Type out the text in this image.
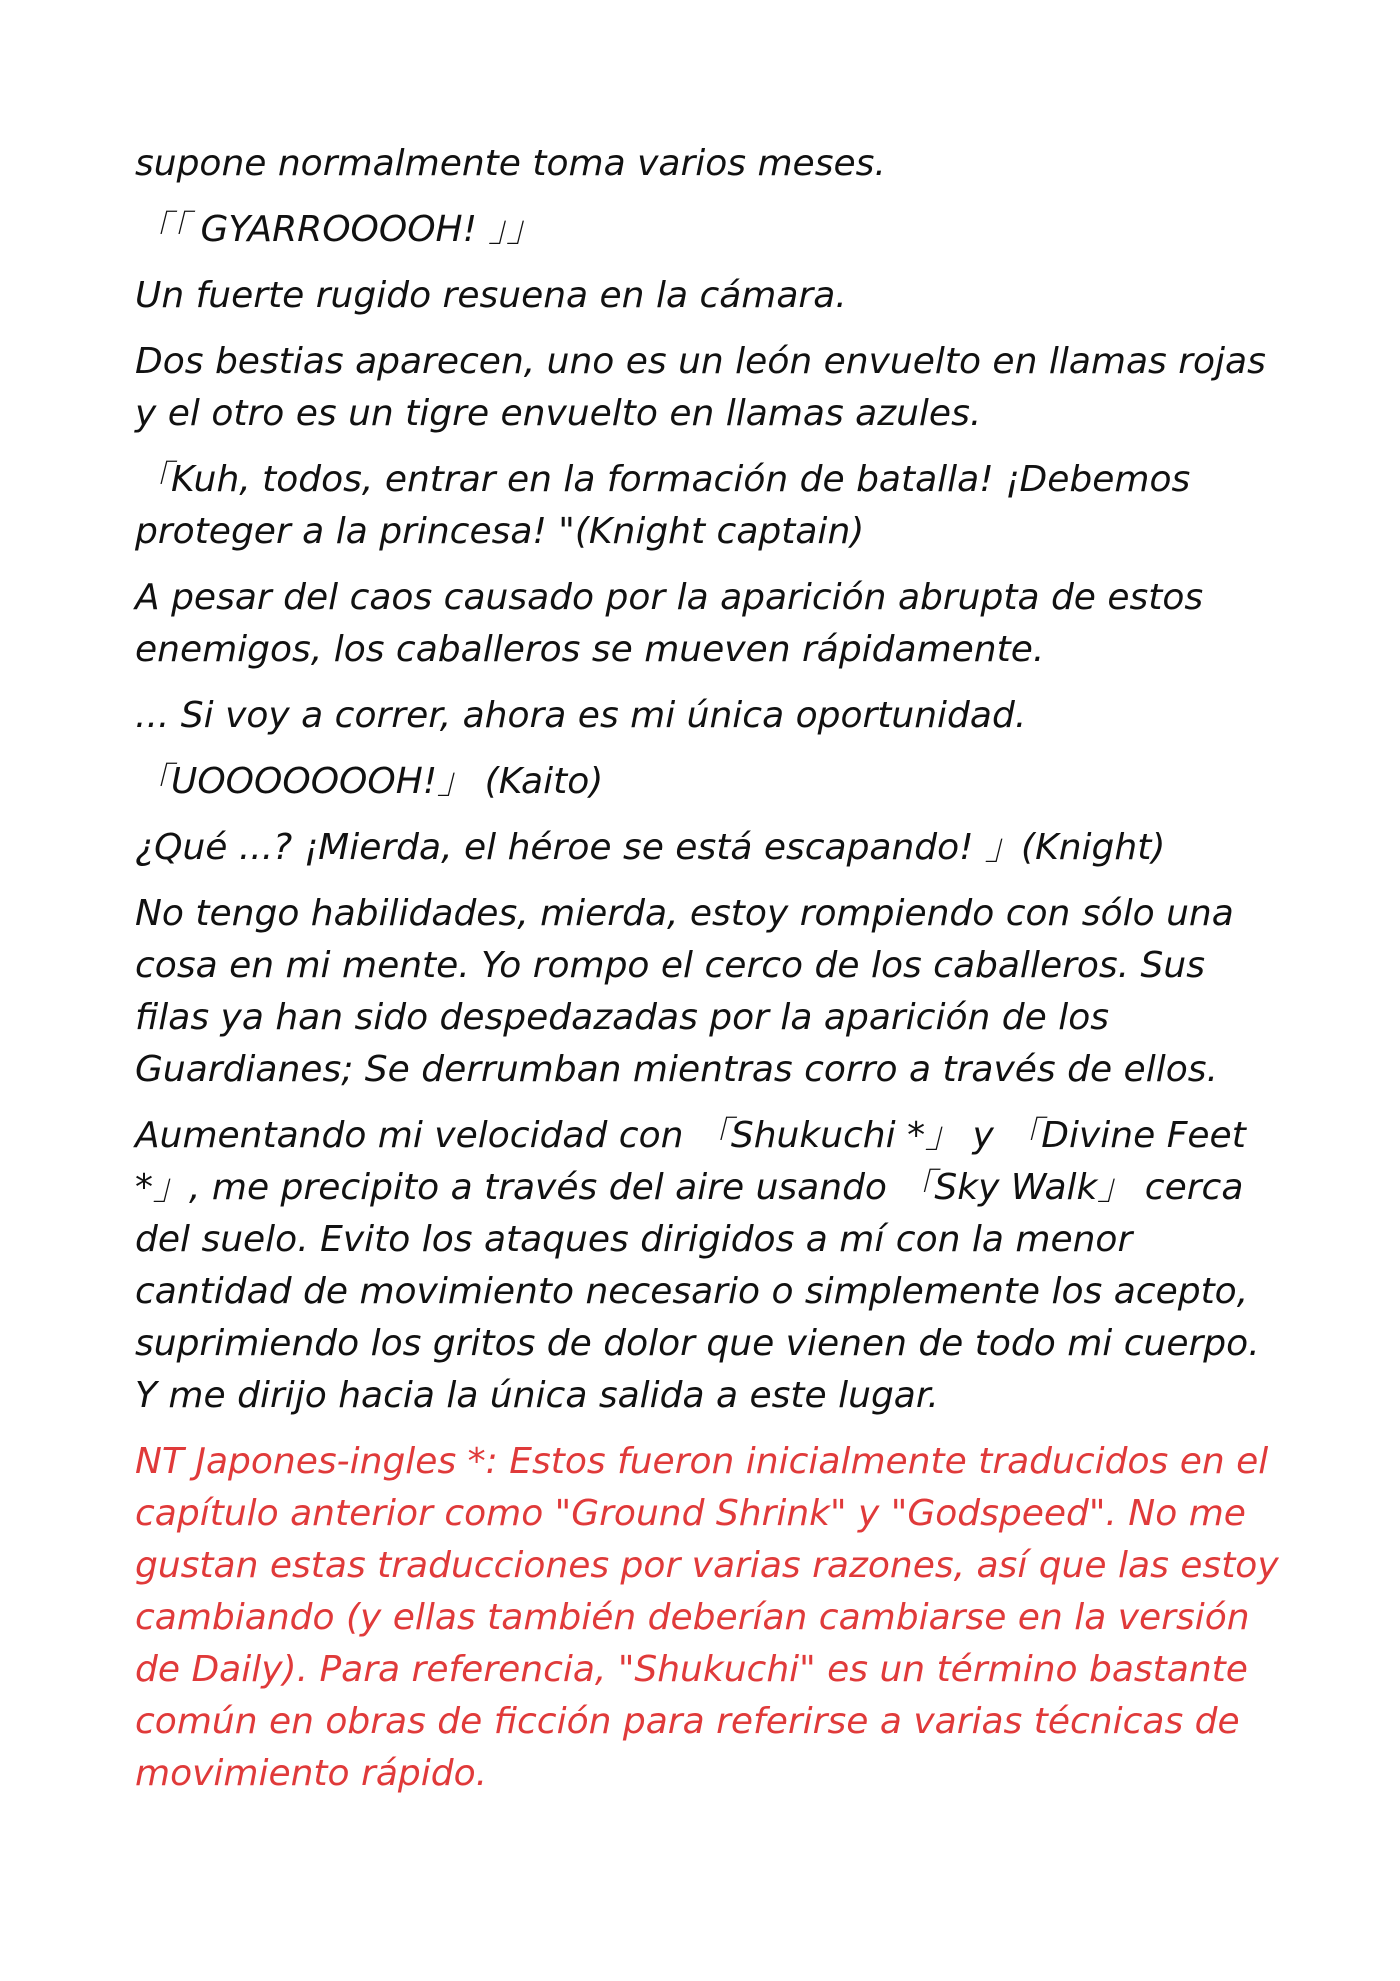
supone normalmente toma varios meses.

「「 GYARROOOOH! 」」

Un fuerte rugido resuena en la cámara.

Dos bestias aparecen, uno es un león envuelto en llamas rojas y el otro es un tigre envuelto en llamas azules.

「Kuh, todos, entrar en la formación de batalla! ¡Debemos proteger a la princesa! "(Knight captain)

A pesar del caos causado por la aparición abrupta de estos enemigos, los caballeros se mueven rápidamente.

... Si voy a correr, ahora es mi única oportunidad.

「UOOOOOOOH!」 (Kaito)

¿Qué ...? ¡Mierda, el héroe se está escapando! 」(Knight)

No tengo habilidades, mierda, estoy rompiendo con sólo una cosa en mi mente. Yo rompo el cerco de los caballeros. Sus filas ya han sido despedazadas por la aparición de los Guardianes; Se derrumban mientras corro a través de ellos.

Aumentando mi velocidad con 「Shukuchi *」 y 「Divine Feet *」, me precipito a través del aire usando 「Sky Walk」 cerca del suelo. Evito los ataques dirigidos a mí con la menor cantidad de movimiento necesario o simplemente los acepto, suprimiendo los gritos de dolor que vienen de todo mi cuerpo. Y me dirijo hacia la única salida a este lugar.

NT Japones-ingles *: Estos fueron inicialmente traducidos en el capítulo anterior como "Ground Shrink" y "Godspeed". No me gustan estas traducciones por varias razones, así que las estoy cambiando (y ellas también deberían cambiarse en la versión de Daily). Para referencia, "Shukuchi" es un término bastante común en obras de ficción para referirse a varias técnicas de movimiento rápido.
